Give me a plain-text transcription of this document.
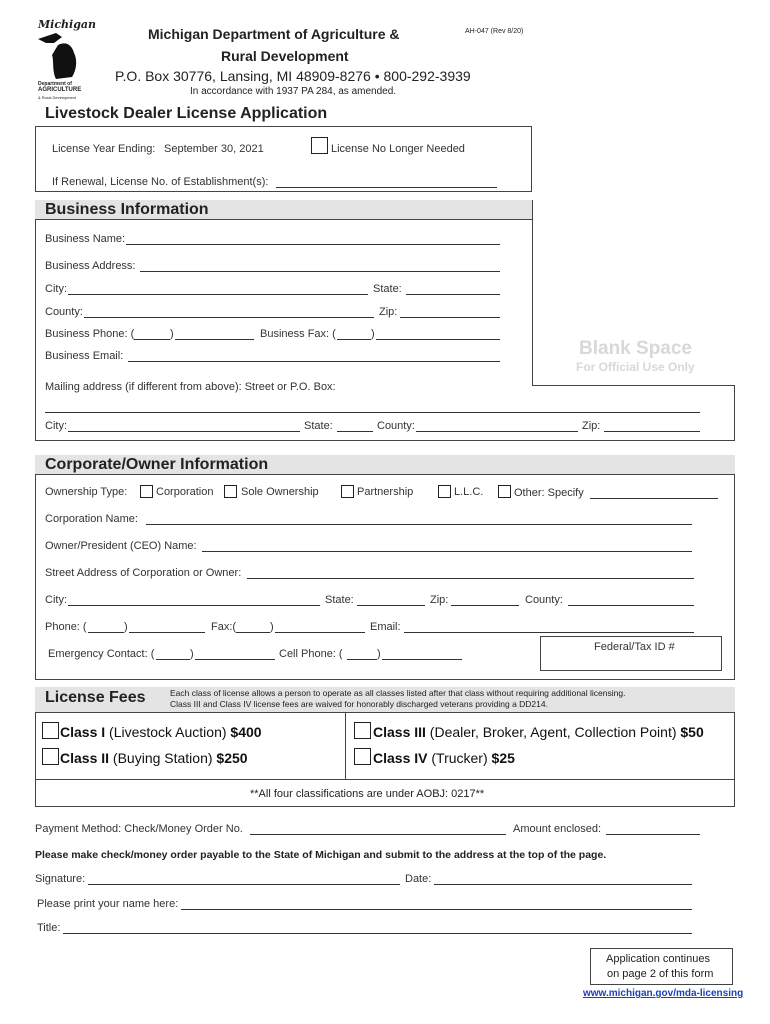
Michigan
Department of
AGRICULTURE
& Rural Development
Michigan Department of Agriculture &
Rural Development
P.O. Box 30776, Lansing, MI 48909-8276 • 800-292-3939
In accordance with 1937 PA 284, as amended.
AH-047 (Rev 8/20)
Livestock Dealer License Application
License Year Ending: September 30, 2021	License No Longer Needed
If Renewal, License No. of Establishment(s):
Business Information
Business Name:
Business Address:
City:	State:
County:	Zip:
Business Phone: (	)	Business Fax: (	)
Business Email:	Blank Space
For Official Use Only
Mailing address (if different from above): Street or P.O. Box:
City:	State:	County:	Zip:
Corporate/Owner Information
Ownership Type:	Corporation	Sole Ownership	Partnership	L.L.C.	Other: Specify
Corporation Name:
Owner/President (CEO) Name:
Street Address of Corporation or Owner:
City:	State:	Zip:	County:
Phone: (	)	Fax:(	)	Email:
Emergency Contact: (	)	Cell Phone: (	)
Federal/Tax ID #
License Fees	Each class of license allows a person to operate as all classes listed after that class without requiring additional licensing.
Class III and Class IV license fees are waived for honorably discharged veterans providing a DD214.
Class I (Livestock Auction) $400
Class II (Buying Station) $250
Class III (Dealer, Broker, Agent, Collection Point) $50
Class IV (Trucker) $25
**All four classifications are under AOBJ: 0217**
Payment Method: Check/Money Order No.	Amount enclosed:
Please make check/money order payable to the State of Michigan and submit to the address at the top of the page.
Signature:	Date:
Please print your name here:
Title:
Application continues
on page 2 of this form
www.michigan.gov/mda-licensing
